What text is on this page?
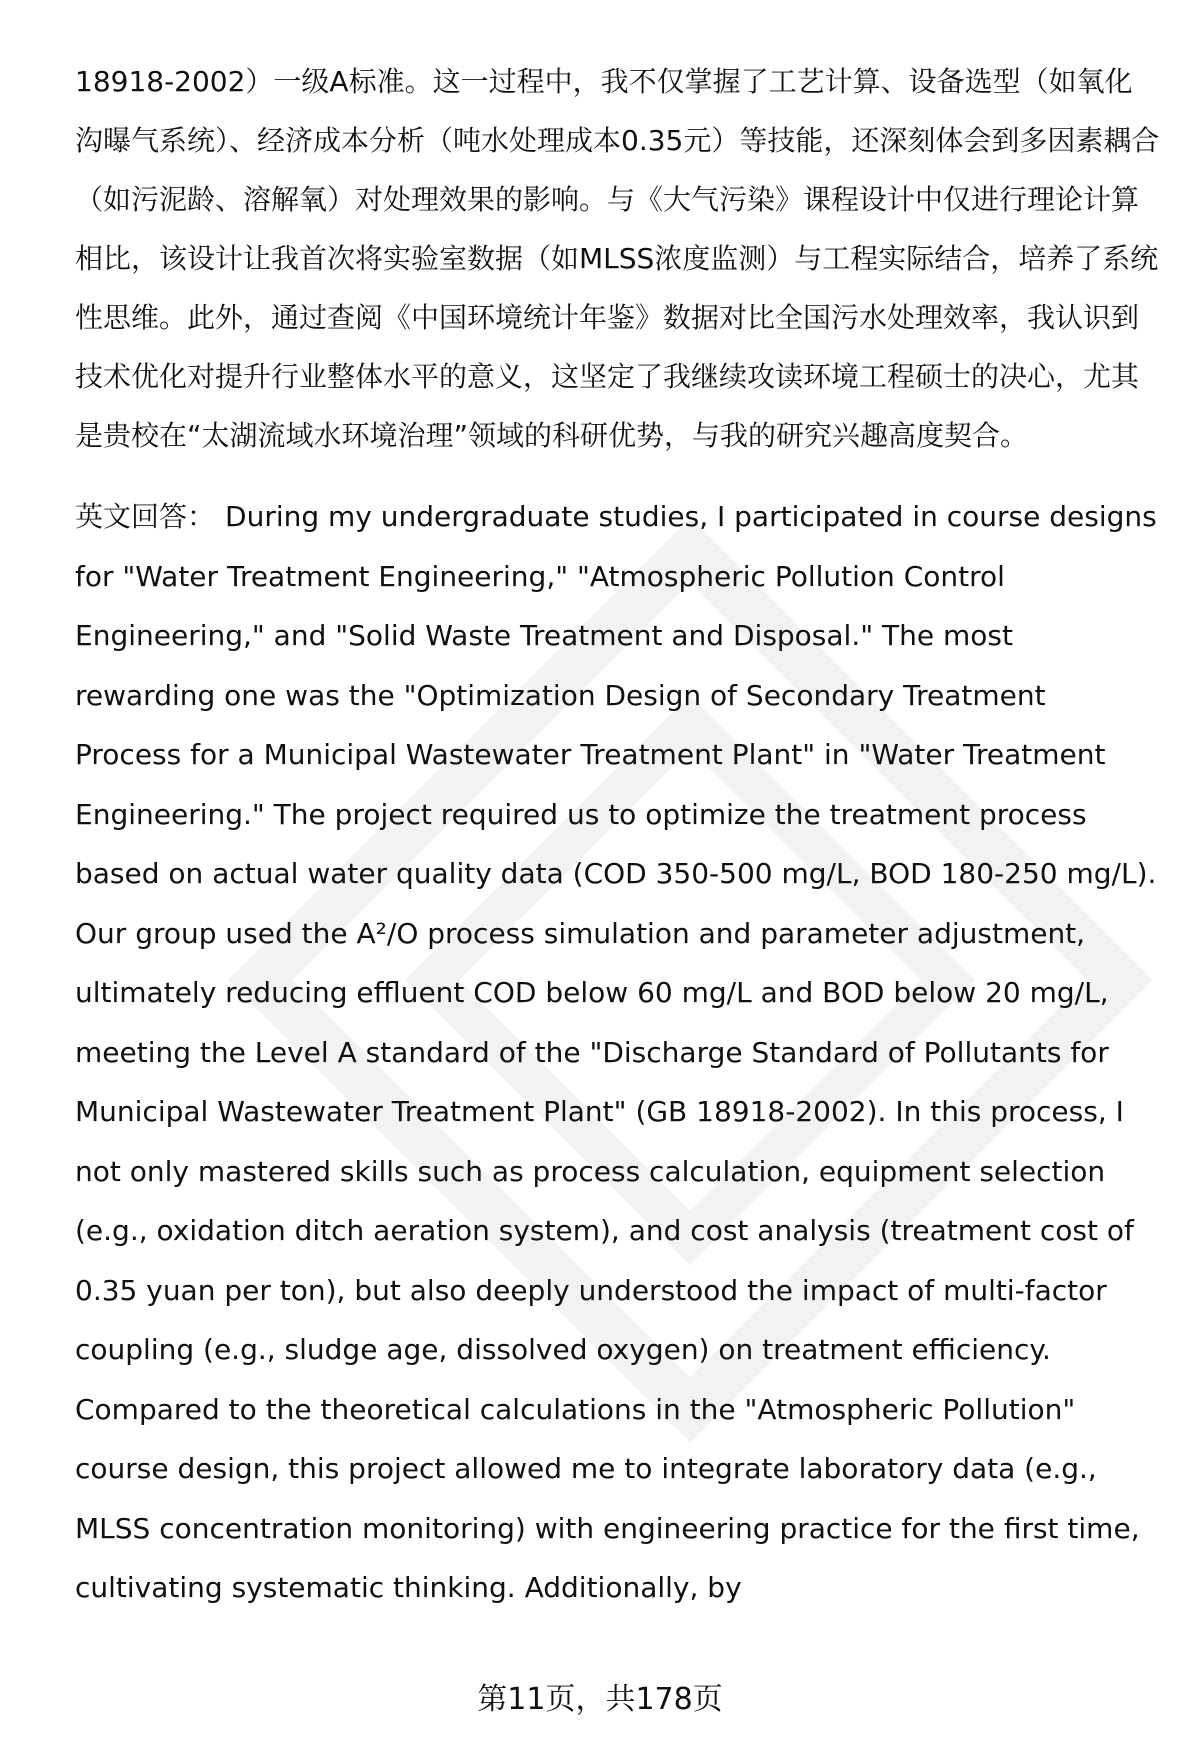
18918-2002）一级A标准。这一过程中，我不仅掌握了工艺计算、设备选型（如氧化沟曝气系统）、经济成本分析（吨水处理成本0.35元）等技能，还深刻体会到多因素耦合（如污泥龄、溶解氧）对处理效果的影响。与《大气污染》课程设计中仅进行理论计算相比，该设计让我首次将实验室数据（如MLSS浓度监测）与工程实际结合，培养了系统性思维。此外，通过查阅《中国环境统计年鉴》数据对比全国污水处理效率，我认识到技术优化对提升行业整体水平的意义，这坚定了我继续攻读环境工程硕士的决心，尤其是贵校在“太湖流域水环境治理”领域的科研优势，与我的研究兴趣高度契合。

英文回答： During my undergraduate studies, I participated in course designs for "Water Treatment Engineering," "Atmospheric Pollution Control Engineering," and "Solid Waste Treatment and Disposal." The most rewarding one was the "Optimization Design of Secondary Treatment Process for a Municipal Wastewater Treatment Plant" in "Water Treatment Engineering." The project required us to optimize the treatment process based on actual water quality data (COD 350-500 mg/L, BOD 180-250 mg/L). Our group used the A²/O process simulation and parameter adjustment, ultimately reducing effluent COD below 60 mg/L and BOD below 20 mg/L, meeting the Level A standard of the "Discharge Standard of Pollutants for Municipal Wastewater Treatment Plant" (GB 18918-2002). In this process, I not only mastered skills such as process calculation, equipment selection (e.g., oxidation ditch aeration system), and cost analysis (treatment cost of 0.35 yuan per ton), but also deeply understood the impact of multi-factor coupling (e.g., sludge age, dissolved oxygen) on treatment efficiency. Compared to the theoretical calculations in the "Atmospheric Pollution" course design, this project allowed me to integrate laboratory data (e.g., MLSS concentration monitoring) with engineering practice for the first time, cultivating systematic thinking. Additionally, by

第11页，共178页
